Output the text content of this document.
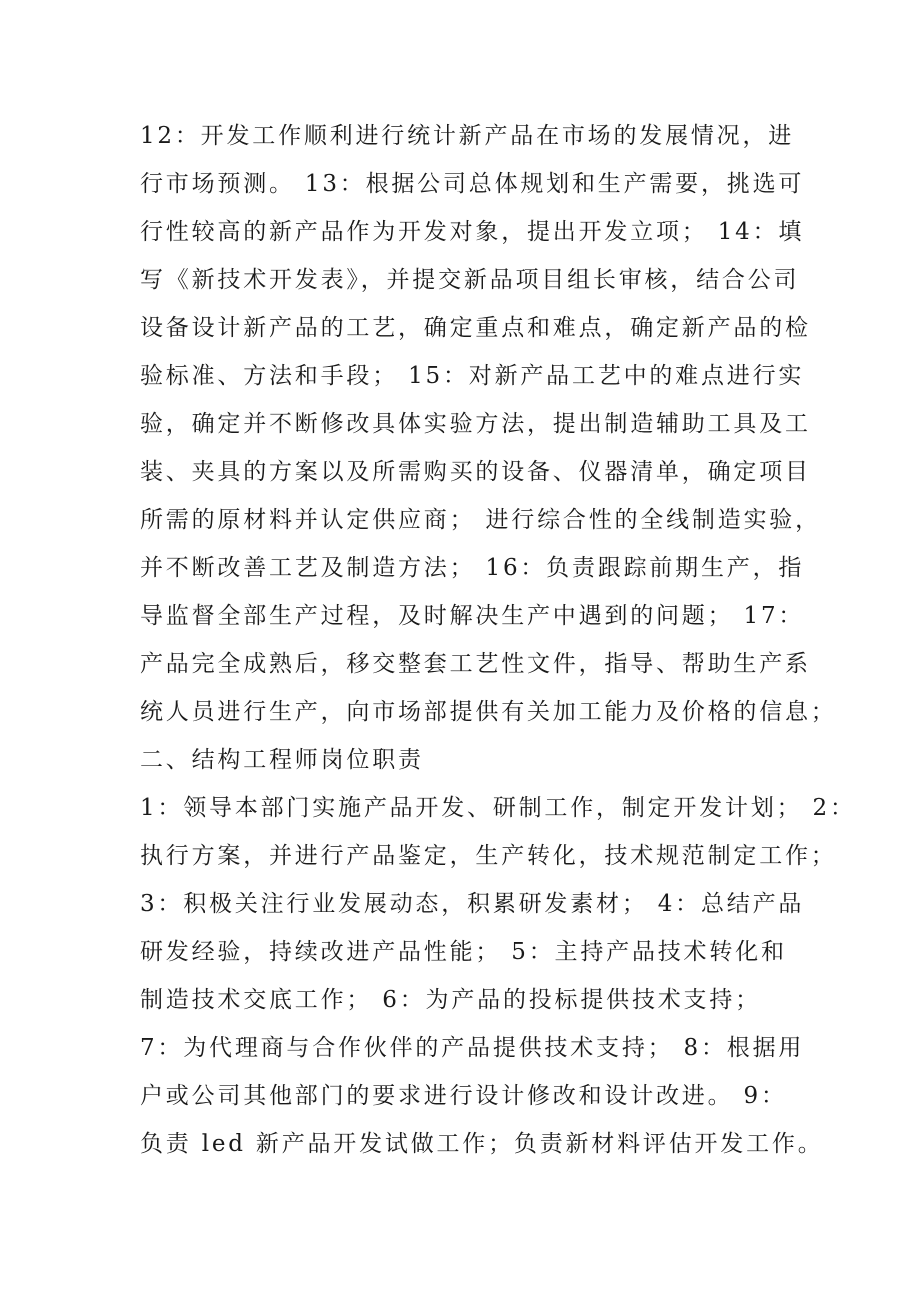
12：开发工作顺利进行统计新产品在市场的发展情况，进
行市场预测。 13：根据公司总体规划和生产需要，挑选可
行性较高的新产品作为开发对象，提出开发立项； 14：填
写《新技术开发表》，并提交新品项目组长审核，结合公司
设备设计新产品的工艺，确定重点和难点，确定新产品的检
验标准、方法和手段； 15：对新产品工艺中的难点进行实
验，确定并不断修改具体实验方法，提出制造辅助工具及工
装、夹具的方案以及所需购买的设备、仪器清单，确定项目
所需的原材料并认定供应商； 进行综合性的全线制造实验，
并不断改善工艺及制造方法； 16：负责跟踪前期生产，指
导监督全部生产过程，及时解决生产中遇到的问题； 17：
产品完全成熟后，移交整套工艺性文件，指导、帮助生产系
统人员进行生产，向市场部提供有关加工能力及价格的信息；
二、结构工程师岗位职责
1：领导本部门实施产品开发、研制工作，制定开发计划； 2：
执行方案，并进行产品鉴定，生产转化，技术规范制定工作；
3：积极关注行业发展动态，积累研发素材； 4：总结产品
研发经验，持续改进产品性能； 5：主持产品技术转化和
制造技术交底工作； 6：为产品的投标提供技术支持；
7：为代理商与合作伙伴的产品提供技术支持； 8：根据用
户或公司其他部门的要求进行设计修改和设计改进。 9：
负责 led 新产品开发试做工作；负责新材料评估开发工作。
